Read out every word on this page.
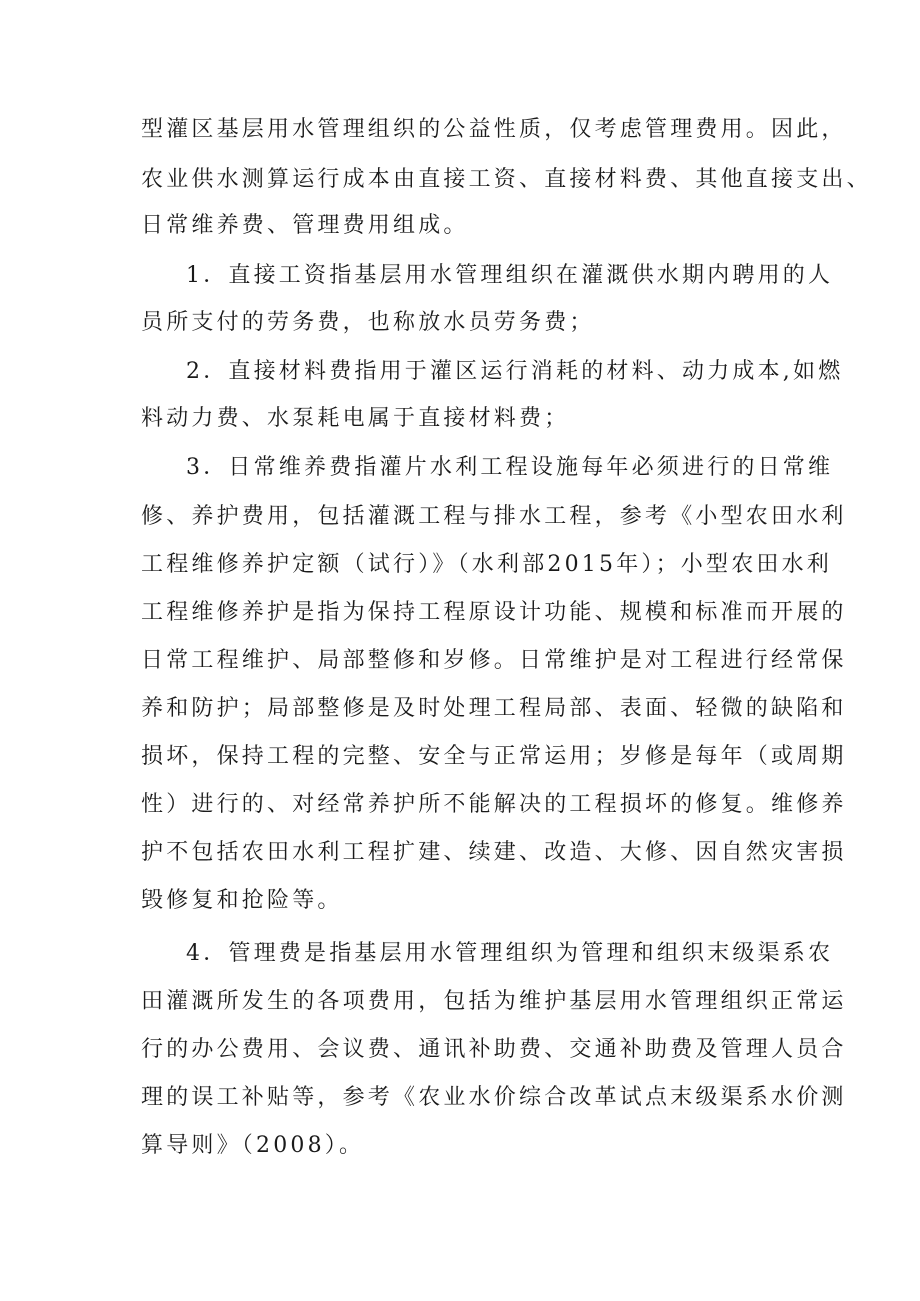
型灌区基层用水管理组织的公益性质，仅考虑管理费用。因此，

农业供水测算运行成本由直接工资、直接材料费、其他直接支出、

日常维养费、管理费用组成。

1．直接工资指基层用水管理组织在灌溉供水期内聘用的人

员所支付的劳务费，也称放水员劳务费；

2．直接材料费指用于灌区运行消耗的材料、动力成本,如燃

料动力费、水泵耗电属于直接材料费；

3．日常维养费指灌片水利工程设施每年必须进行的日常维

修、养护费用，包括灌溉工程与排水工程，参考《小型农田水利

工程维修养护定额（试行）》（水利部2015年）；小型农田水利

工程维修养护是指为保持工程原设计功能、规模和标准而开展的

日常工程维护、局部整修和岁修。日常维护是对工程进行经常保

养和防护；局部整修是及时处理工程局部、表面、轻微的缺陷和

损坏，保持工程的完整、安全与正常运用；岁修是每年（或周期

性）进行的、对经常养护所不能解决的工程损坏的修复。维修养

护不包括农田水利工程扩建、续建、改造、大修、因自然灾害损

毁修复和抢险等。

4．管理费是指基层用水管理组织为管理和组织末级渠系农

田灌溉所发生的各项费用，包括为维护基层用水管理组织正常运

行的办公费用、会议费、通讯补助费、交通补助费及管理人员合

理的误工补贴等，参考《农业水价综合改革试点末级渠系水价测

算导则》（2008）。
